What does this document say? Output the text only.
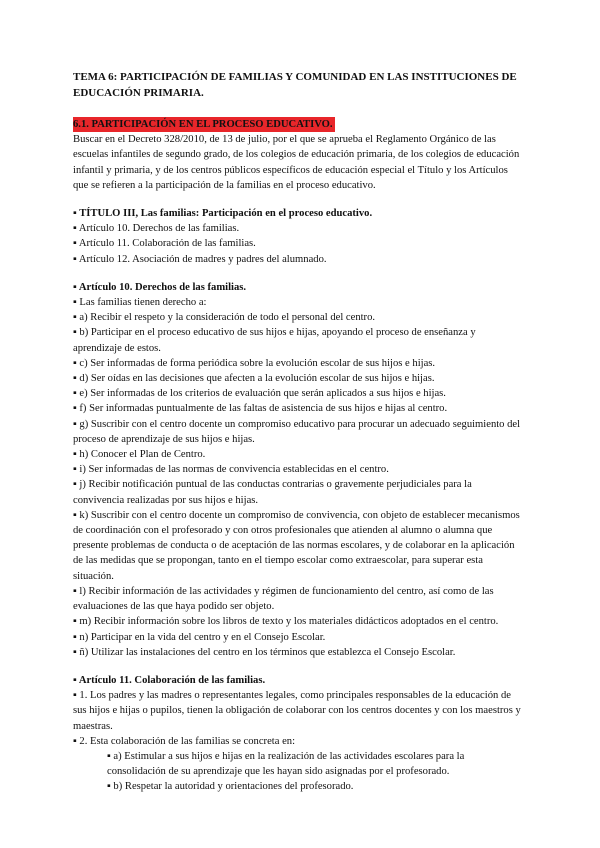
TEMA 6: PARTICIPACIÓN DE FAMILIAS Y COMUNIDAD EN LAS INSTITUCIONES DE EDUCACIÓN PRIMARIA.

6.1. PARTICIPACIÓN EN EL PROCESO EDUCATIVO.

Buscar en el Decreto 328/2010, de 13 de julio, por el que se aprueba el Reglamento Orgánico de las escuelas infantiles de segundo grado, de los colegios de educación primaria, de los colegios de educación infantil y primaria, y de los centros públicos específicos de educación especial el Título y los Artículos que se refieren a la participación de la familias en el proceso educativo.

▪ TÍTULO III, Las familias: Participación en el proceso educativo.

▪ Artículo 10. Derechos de las familias.

▪ Artículo 11. Colaboración de las familias.

▪ Artículo 12. Asociación de madres y padres del alumnado.

▪ Artículo 10. Derechos de las familias.

▪ Las familias tienen derecho a:

▪ a) Recibir el respeto y la consideración de todo el personal del centro.

▪ b) Participar en el proceso educativo de sus hijos e hijas, apoyando el proceso de enseñanza y aprendizaje de estos.

▪ c) Ser informadas de forma periódica sobre la evolución escolar de sus hijos e hijas.

▪ d) Ser oídas en las decisiones que afecten a la evolución escolar de sus hijos e hijas.

▪ e) Ser informadas de los criterios de evaluación que serán aplicados a sus hijos e hijas.

▪ f) Ser informadas puntualmente de las faltas de asistencia de sus hijos e hijas al centro.

▪ g) Suscribir con el centro docente un compromiso educativo para procurar un adecuado seguimiento del proceso de aprendizaje de sus hijos e hijas.

▪ h) Conocer el Plan de Centro.

▪ i) Ser informadas de las normas de convivencia establecidas en el centro.

▪ j) Recibir notificación puntual de las conductas contrarias o gravemente perjudiciales para la convivencia realizadas por sus hijos e hijas.

▪ k) Suscribir con el centro docente un compromiso de convivencia, con objeto de establecer mecanismos de coordinación con el profesorado y con otros profesionales que atienden al alumno o alumna que presente problemas de conducta o de aceptación de las normas escolares, y de colaborar en la aplicación de las medidas que se propongan, tanto en el tiempo escolar como extraescolar, para superar esta situación.

▪ l) Recibir información de las actividades y régimen de funcionamiento del centro, así como de las evaluaciones de las que haya podido ser objeto.

▪ m) Recibir información sobre los libros de texto y los materiales didácticos adoptados en el centro.

▪ n) Participar en la vida del centro y en el Consejo Escolar.

▪ ñ) Utilizar las instalaciones del centro en los términos que establezca el Consejo Escolar.

▪ Artículo 11. Colaboración de las familias.

▪ 1. Los padres y las madres o representantes legales, como principales responsables de la educación de sus hijos e hijas o pupilos, tienen la obligación de colaborar con los centros docentes y con los maestros y maestras.

▪ 2. Esta colaboración de las familias se concreta en:

▪ a) Estimular a sus hijos e hijas en la realización de las actividades escolares para la consolidación de su aprendizaje que les hayan sido asignadas por el profesorado.

▪ b) Respetar la autoridad y orientaciones del profesorado.
